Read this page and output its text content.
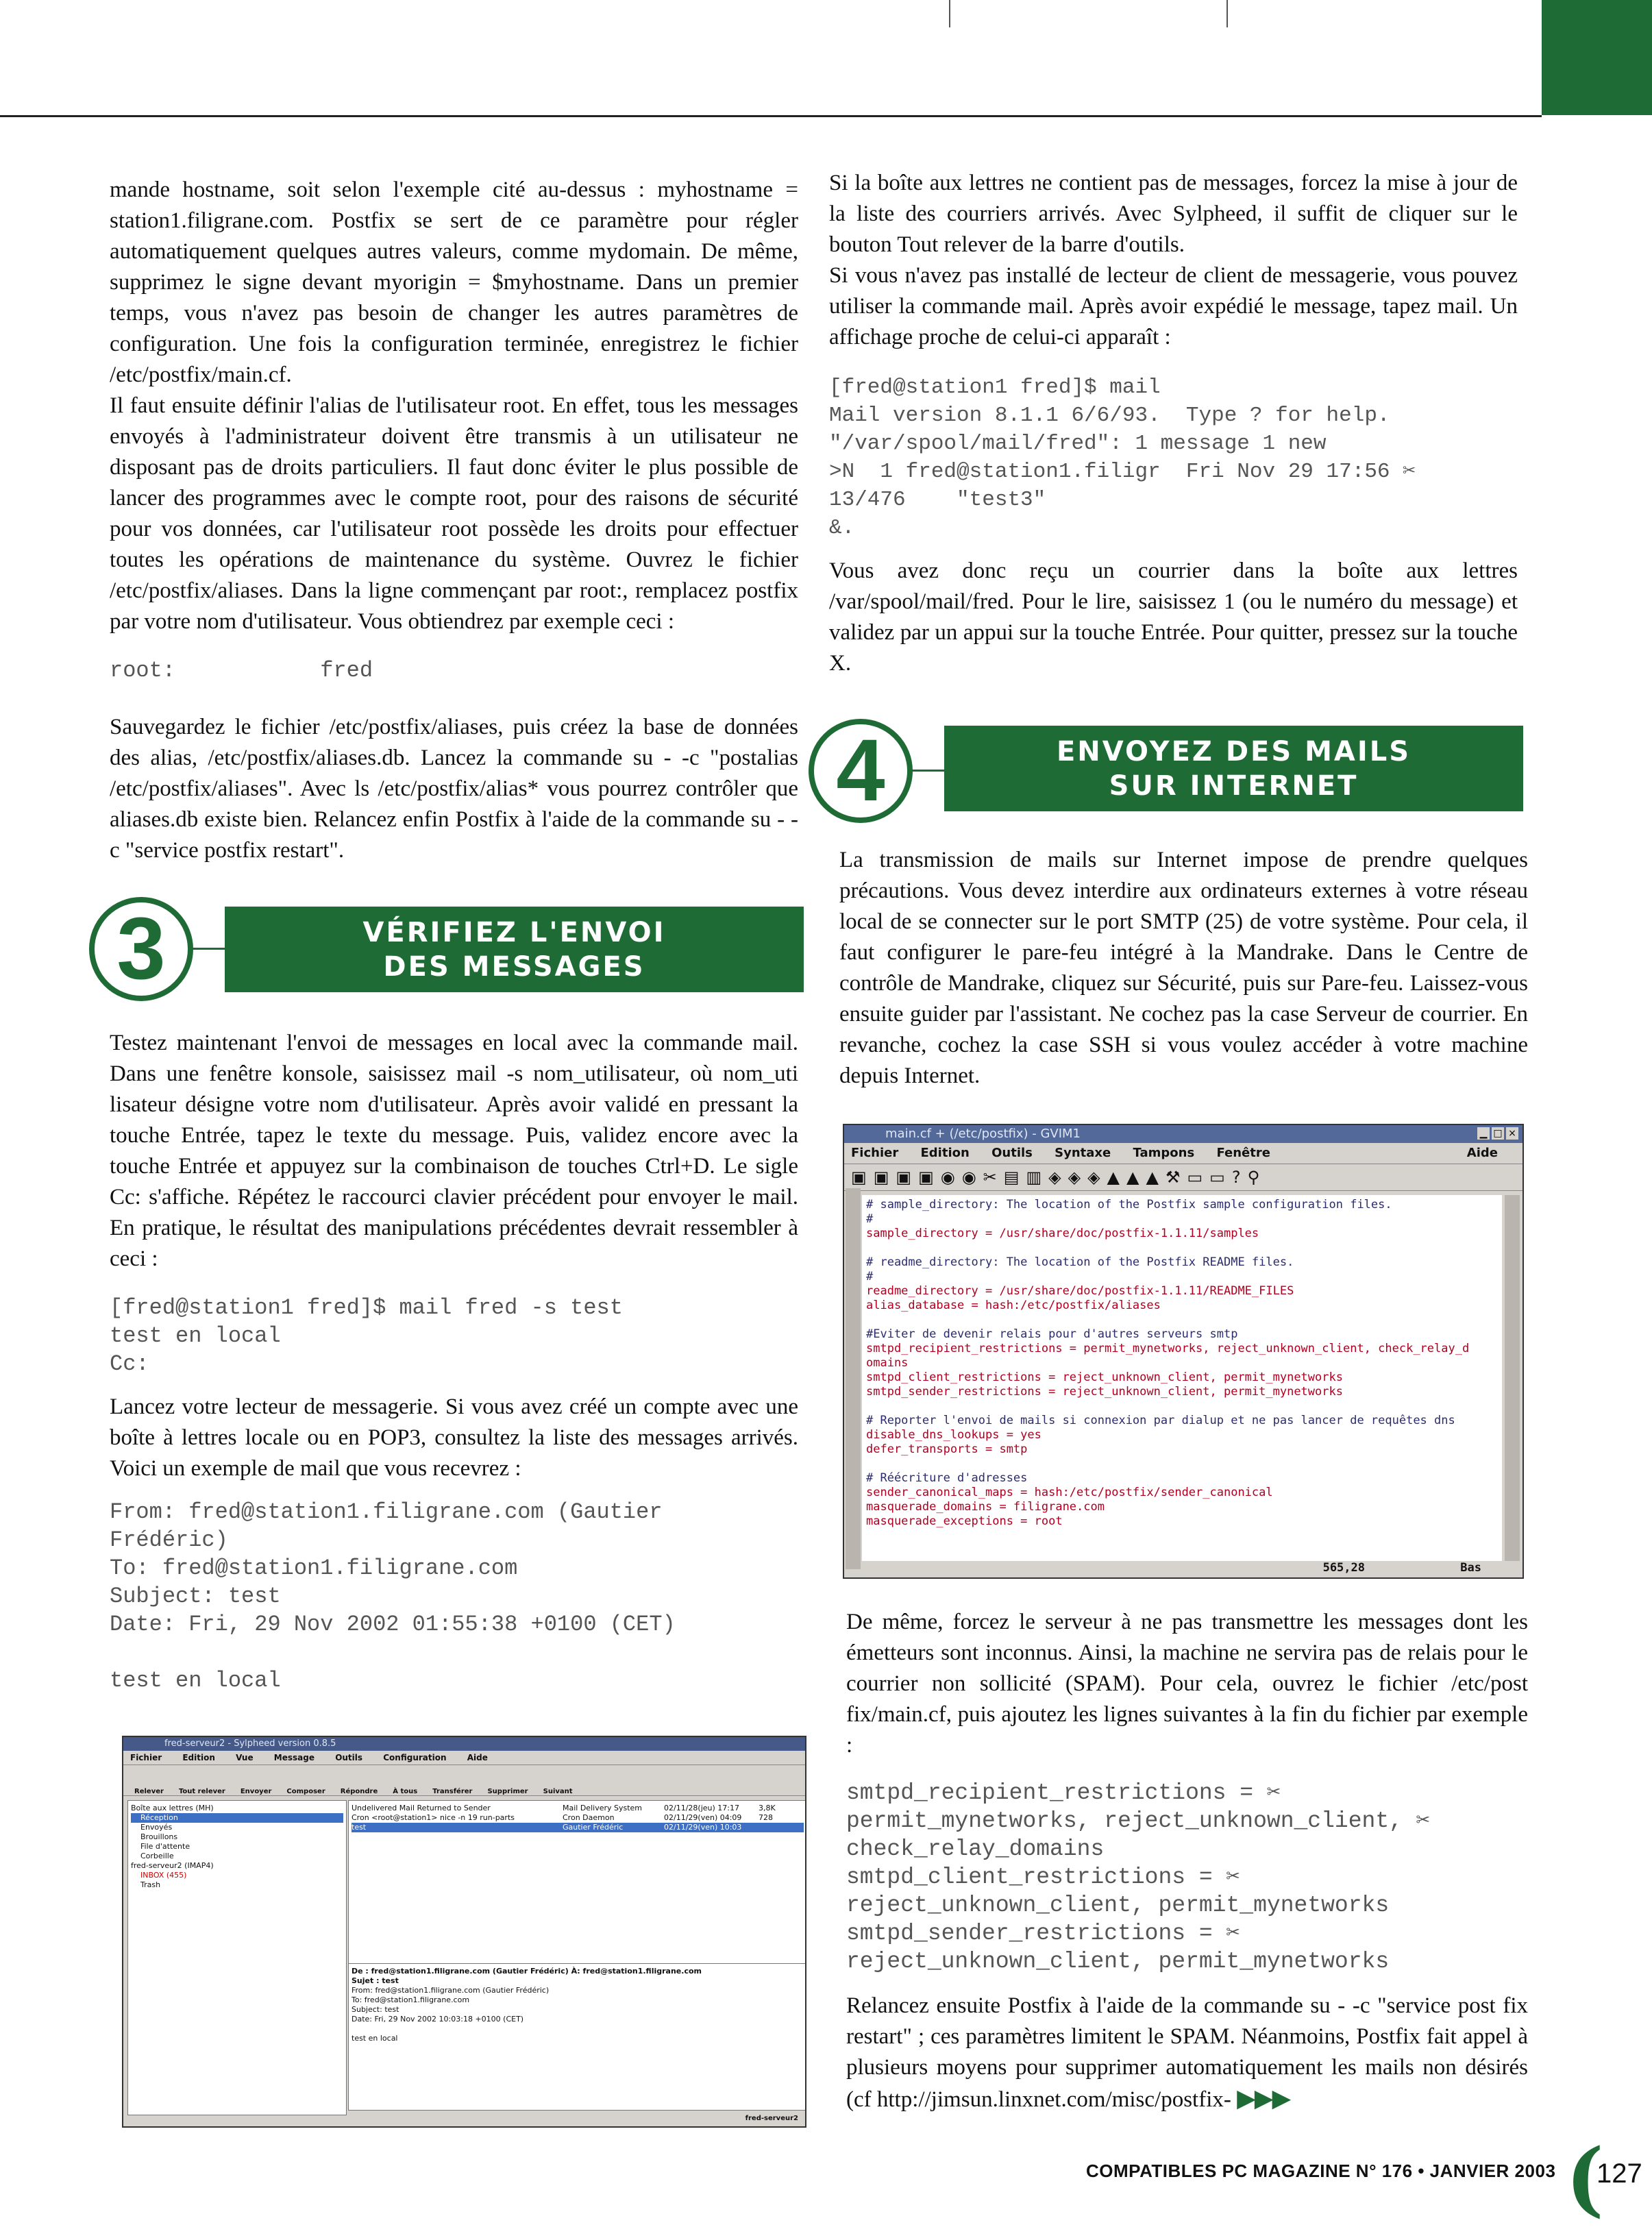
mande hostname, soit selon l'exemple cité au-dessus : myhostname = station1.filigrane.com. Postfix se sert de ce paramètre pour régler automatiquement quelques autres valeurs, comme mydomain. De même, supprimez le signe devant myorigin = $myhostname. Dans un premier temps, vous n'avez pas besoin de changer les autres paramètres de configuration. Une fois la configuration terminée, enregistrez le fichier /etc/postfix/main.cf.

Il faut ensuite définir l'alias de l'utilisateur root. En effet, tous les messages envoyés à l'administrateur doivent être transmis à un utilisateur ne disposant pas de droits particuliers. Il faut donc éviter le plus possible de lancer des programmes avec le compte root, pour des raisons de sécurité pour vos données, car l'utilisateur root possède les droits pour effectuer toutes les opérations de maintenance du système. Ouvrez le fichier /etc/postfix/aliases. Dans la ligne commençant par root:, remplacez postfix par votre nom d'utilisateur. Vous obtiendrez par exemple ceci :

root:           fred

Sauvegardez le fichier /etc/postfix/aliases, puis créez la base de données des alias, /etc/postfix/aliases.db. Lancez la commande su - -c "postalias /etc/postfix/aliases". Avec ls /etc/postfix/alias* vous pourrez contrôler que aliases.db existe bien. Relancez enfin Postfix à l'aide de la commande su - -c "service postfix restart".

VÉRIFIEZ L'ENVOI
DES MESSAGES
3

Testez maintenant l'envoi de messages en local avec la commande mail. Dans une fenêtre konsole, saisissez mail -s nom_utilisateur, où nom_uti lisateur désigne votre nom d'utilisateur. Après avoir validé en pressant la touche Entrée, tapez le texte du message. Puis, validez encore avec la touche Entrée et appuyez sur la combinaison de touches Ctrl+D. Le sigle Cc: s'affiche. Répétez le raccourci clavier précédent pour envoyer le mail. En pratique, le résultat des manipulations précédentes devrait ressembler à ceci :

[fred@station1 fred]$ mail fred -s test
test en local
Cc:

Lancez votre lecteur de messagerie. Si vous avez créé un compte avec une boîte à lettres locale ou en POP3, consultez la liste des messages arrivés. Voici un exemple de mail que vous recevrez :

From: fred@station1.filigrane.com (Gautier
Frédéric)
To: fred@station1.filigrane.com
Subject: test
Date: Fri, 29 Nov 2002 01:55:38 +0100 (CET)

test en local
fred-serveur2 - Sylpheed version 0.8.5
Fichier	Edition	Vue	Message	Outils	Configuration	Aide
Relever Tout relever Envoyer Composer Répondre À tous Transférer Supprimer Suivant
Boîte aux lettres (MH)
Réception
Envoyés
Brouillons
File d'attente
Corbeille
fred-serveur2 (IMAP4)
INBOX (455)
Trash
Undelivered Mail Returned to Sender	Mail Delivery System	02/11/28(jeu) 17:17	3,8K
Cron <root@station1> nice -n 19 run-parts	Cron Daemon	02/11/29(ven) 04:09	728
test	Gautier Frédéric	02/11/29(ven) 10:03
De : fred@station1.filigrane.com (Gautier Frédéric) À: fred@station1.filigrane.com
Sujet : test
From: fred@station1.filigrane.com (Gautier Frédéric)
To: fred@station1.filigrane.com
Subject: test
Date: Fri, 29 Nov 2002 10:03:18 +0100 (CET)
test en local
fred-serveur2

Si la boîte aux lettres ne contient pas de messages, forcez la mise à jour de la liste des courriers arrivés. Avec Sylpheed, il suffit de cliquer sur le bouton Tout relever de la barre d'outils.

Si vous n'avez pas installé de lecteur de client de messagerie, vous pouvez utiliser la commande mail. Après avoir expédié le message, tapez mail. Un affichage proche de celui-ci apparaît :

[fred@station1 fred]$ mail
Mail version 8.1.1 6/6/93.  Type ? for help.
"/var/spool/mail/fred": 1 message 1 new
>N  1 fred@station1.filigr  Fri Nov 29 17:56 ✂
13/476    "test3"
&.

Vous avez donc reçu un courrier dans la boîte aux lettres /var/spool/mail/fred. Pour le lire, saisissez 1 (ou le numéro du message) et validez par un appui sur la touche Entrée. Pour quitter, pressez sur la touche X.

ENVOYEZ DES MAILS
SUR INTERNET
4

La transmission de mails sur Internet impose de prendre quelques précautions. Vous devez interdire aux ordinateurs externes à votre réseau local de se connecter sur le port SMTP (25) de votre système. Pour cela, il faut configurer le pare-feu intégré à la Mandrake. Dans le Centre de contrôle de Mandrake, cliquez sur Sécurité, puis sur Pare-feu. Laissez-vous ensuite guider par l'assistant. Ne cochez pas la case Serveur de courrier. En revanche, cochez la case SSH si vous voulez accéder à votre machine depuis Internet.

main.cf + (/etc/postfix) - GVIM1	▁ □ ×
Fichier Edition Outils Syntaxe Tampons Fenêtre	Aide
▣ ▣ ▣ ▣ ◉ ◉ ✂ ▤ ▥ ◈ ◈ ◈ ▲ ▲ ▲ ⚒ ▭ ▭ ? ⚲
# sample_directory: The location of the Postfix sample configuration files.
#
sample_directory = /usr/share/doc/postfix-1.1.11/samples

# readme_directory: The location of the Postfix README files.
#
readme_directory = /usr/share/doc/postfix-1.1.11/README_FILES
alias_database = hash:/etc/postfix/aliases

#Eviter de devenir relais pour d'autres serveurs smtp
smtpd_recipient_restrictions = permit_mynetworks, reject_unknown_client, check_relay_d
omains
smtpd_client_restrictions = reject_unknown_client, permit_mynetworks
smtpd_sender_restrictions = reject_unknown_client, permit_mynetworks

# Reporter l'envoi de mails si connexion par dialup et ne pas lancer de requêtes dns
disable_dns_lookups = yes
defer_transports = smtp

# Réécriture d'adresses
sender_canonical_maps = hash:/etc/postfix/sender_canonical
masquerade_domains = filigrane.com
masquerade_exceptions = root
565,28	Bas

De même, forcez le serveur à ne pas transmettre les messages dont les émetteurs sont inconnus. Ainsi, la machine ne servira pas de relais pour le courrier non sollicité (SPAM). Pour cela, ouvrez le fichier /etc/post fix/main.cf, puis ajoutez les lignes suivantes à la fin du fichier par exemple :

smtpd_recipient_restrictions = ✂
permit_mynetworks, reject_unknown_client, ✂
check_relay_domains
smtpd_client_restrictions = ✂
reject_unknown_client, permit_mynetworks
smtpd_sender_restrictions = ✂
reject_unknown_client, permit_mynetworks

Relancez ensuite Postfix à l'aide de la commande su - -c "service post fix restart" ; ces paramètres limitent le SPAM. Néanmoins, Postfix fait appel à plusieurs moyens pour supprimer automatiquement les mails non désirés (cf http://jimsun.linxnet.com/misc/postfix- ▶▶▶

COMPATIBLES PC MAGAZINE N° 176 • JANVIER 2003 (
127
